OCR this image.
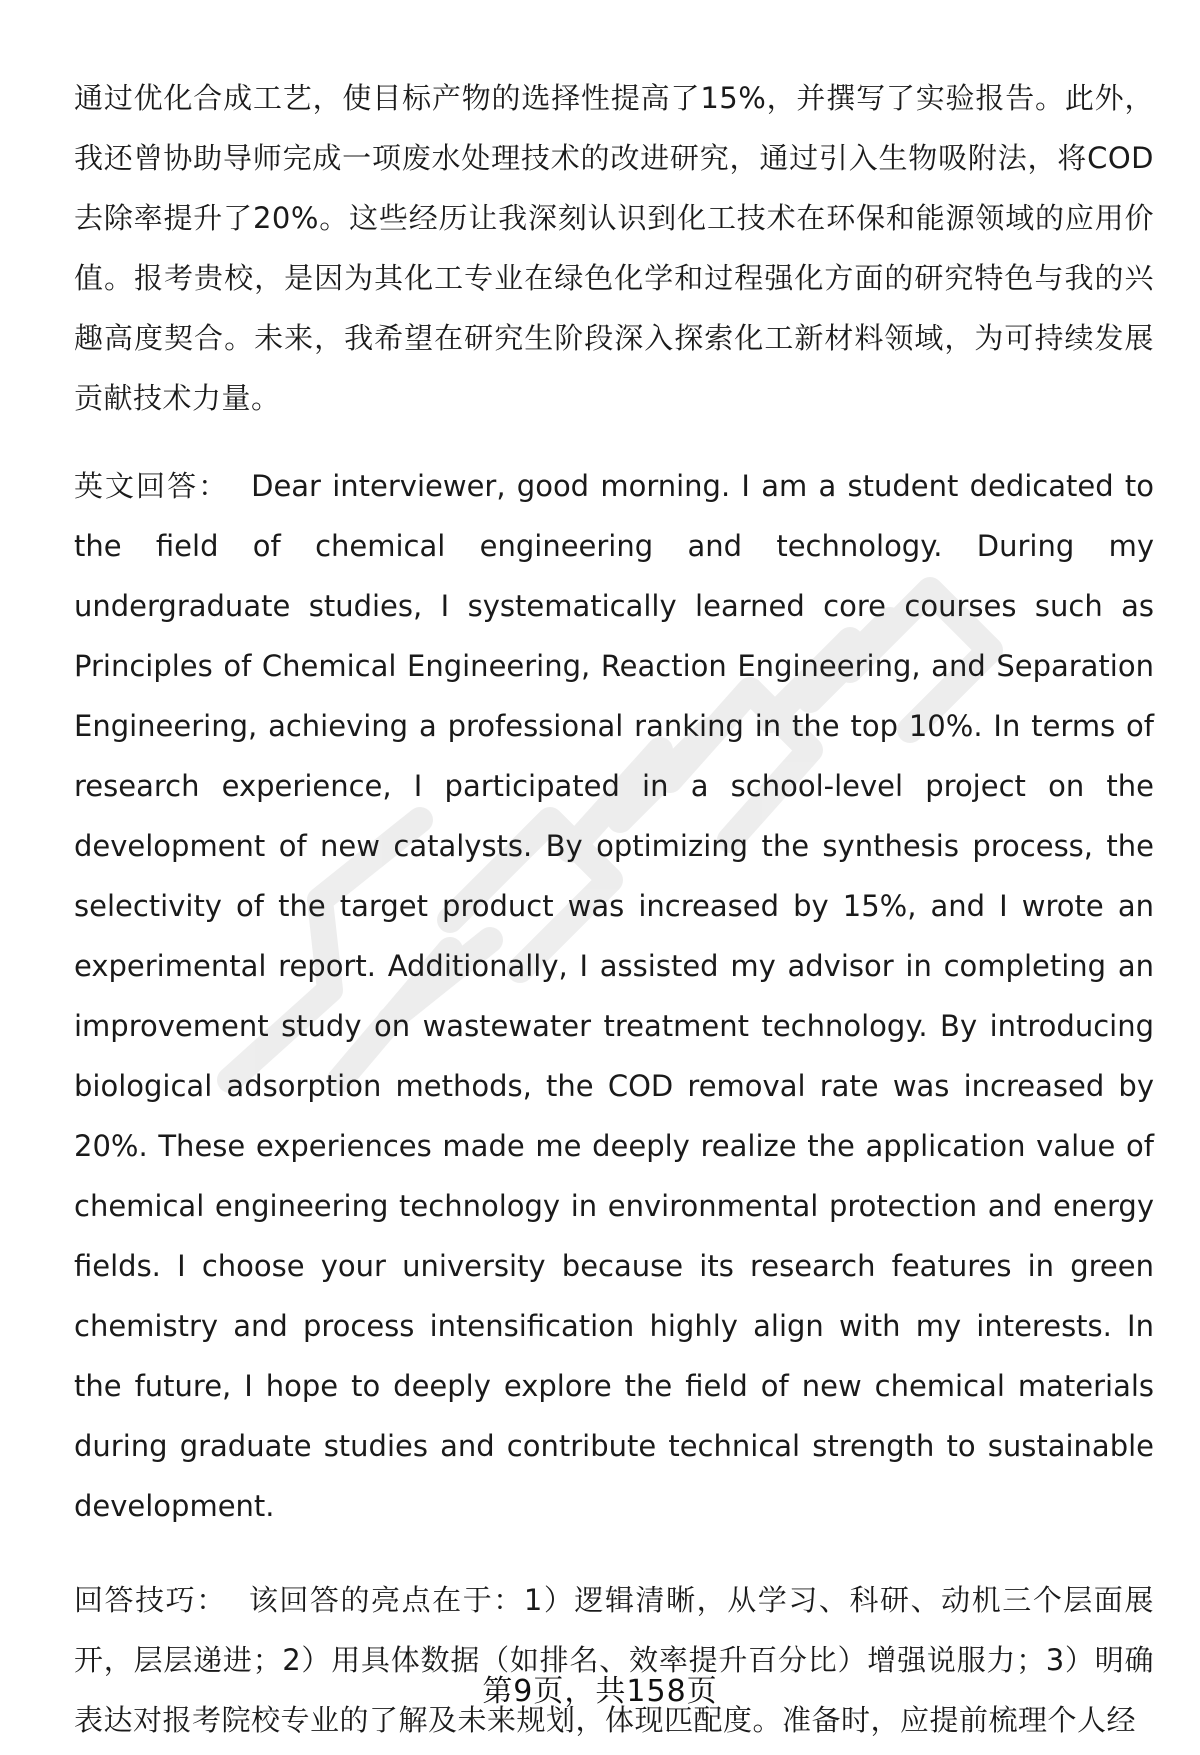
通过优化合成工艺，使目标产物的选择性提高了15%，并撰写了实验报告。此外，我还曾协助导师完成一项废水处理技术的改进研究，通过引入生物吸附法，将COD去除率提升了20%。这些经历让我深刻认识到化工技术在环保和能源领域的应用价值。报考贵校，是因为其化工专业在绿色化学和过程强化方面的研究特色与我的兴趣高度契合。未来，我希望在研究生阶段深入探索化工新材料领域，为可持续发展贡献技术力量。

英文回答： Dear interviewer, good morning. I am a student dedicated to the field of chemical engineering and technology. During my undergraduate studies, I systematically learned core courses such as Principles of Chemical Engineering, Reaction Engineering, and Separation Engineering, achieving a professional ranking in the top 10%. In terms of research experience, I participated in a school-level project on the development of new catalysts. By optimizing the synthesis process, the selectivity of the target product was increased by 15%, and I wrote an experimental report. Additionally, I assisted my advisor in completing an improvement study on wastewater treatment technology. By introducing biological adsorption methods, the COD removal rate was increased by 20%. These experiences made me deeply realize the application value of chemical engineering technology in environmental protection and energy fields. I choose your university because its research features in green chemistry and process intensification highly align with my interests. In the future, I hope to deeply explore the field of new chemical materials during graduate studies and contribute technical strength to sustainable development.

回答技巧： 该回答的亮点在于：1）逻辑清晰，从学习、科研、动机三个层面展开，层层递进；2）用具体数据（如排名、效率提升百分比）增强说服力；3）明确表达对报考院校专业的了解及未来规划，体现匹配度。准备时，应提前梳理个人经

第9页，共158页
